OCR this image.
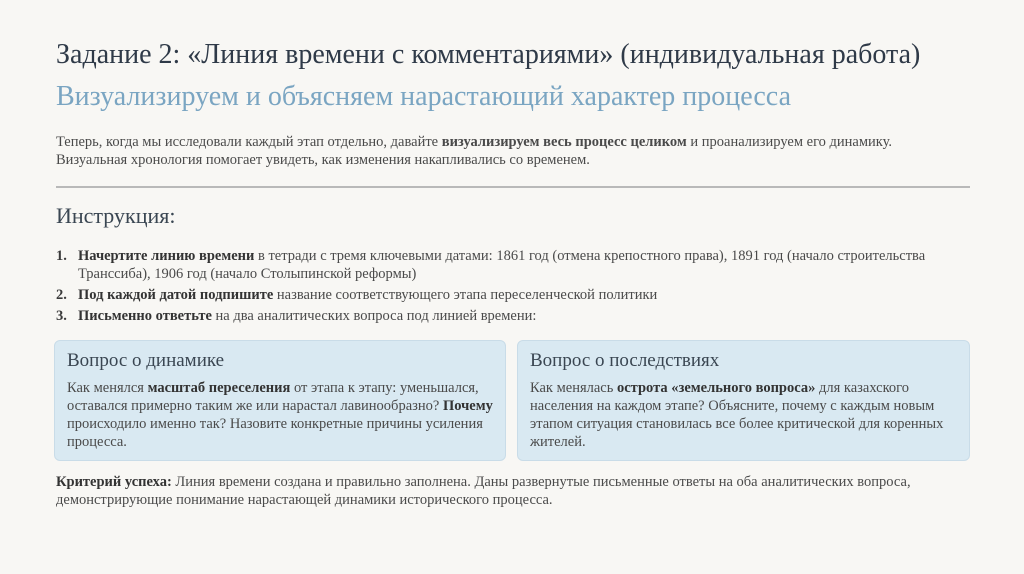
Задание 2: «Линия времени с комментариями» (индивидуальная работа)
Визуализируем и объясняем нарастающий характер процесса
Теперь, когда мы исследовали каждый этап отдельно, давайте визуализируем весь процесс целиком и проанализируем его динамику. Визуальная хронология помогает увидеть, как изменения накапливались со временем.
Инструкция:
1. Начертите линию времени в тетради с тремя ключевыми датами: 1861 год (отмена крепостного права), 1891 год (начало строительства Транссиба), 1906 год (начало Столыпинской реформы)
2. Под каждой датой подпишите название соответствующего этапа переселенческой политики
3. Письменно ответьте на два аналитических вопроса под линией времени:
Вопрос о динамике
Как менялся масштаб переселения от этапа к этапу: уменьшался, оставался примерно таким же или нарастал лавинообразно? Почему происходило именно так? Назовите конкретные причины усиления процесса.
Вопрос о последствиях
Как менялась острота «земельного вопроса» для казахского населения на каждом этапе? Объясните, почему с каждым новым этапом ситуация становилась все более критической для коренных жителей.
Критерий успеха: Линия времени создана и правильно заполнена. Даны развернутые письменные ответы на оба аналитических вопроса, демонстрирующие понимание нарастающей динамики исторического процесса.
